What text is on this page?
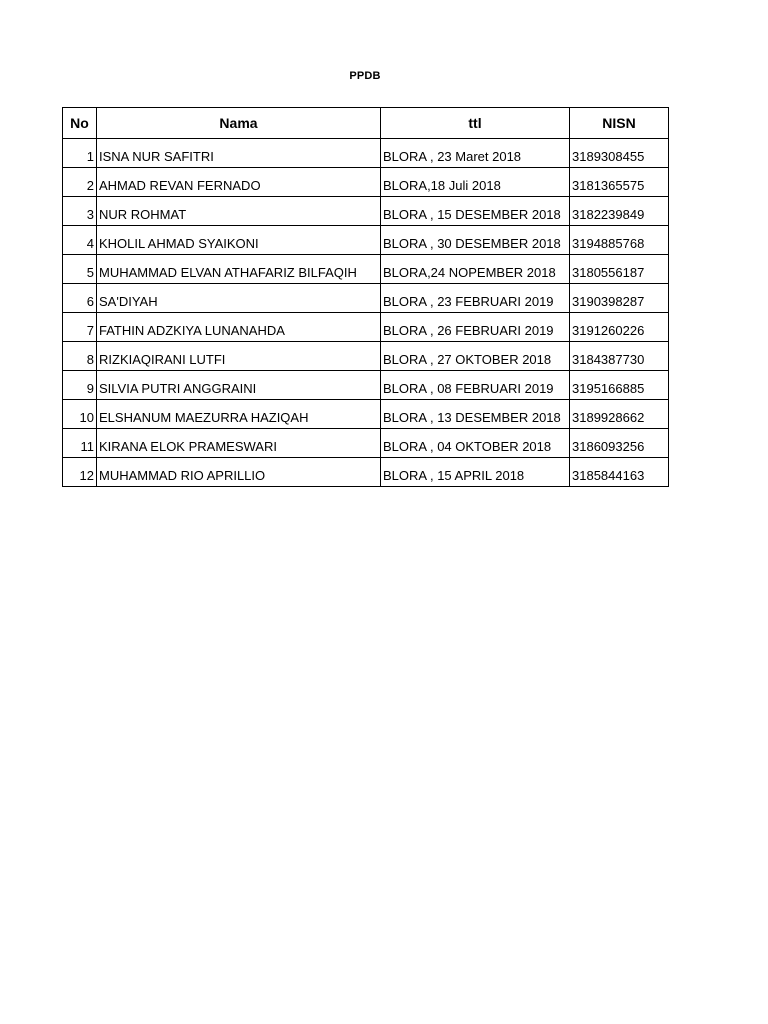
PPDB
No	Nama	ttl	NISN
1	ISNA NUR SAFITRI	BLORA , 23 Maret 2018	3189308455
2	AHMAD REVAN FERNADO	BLORA,18 Juli 2018	3181365575
3	NUR ROHMAT	BLORA , 15 DESEMBER 2018	3182239849
4	KHOLIL AHMAD SYAIKONI	BLORA , 30 DESEMBER 2018	3194885768
5	MUHAMMAD ELVAN ATHAFARIZ BILFAQIH	BLORA,24 NOPEMBER 2018	3180556187
6	SA'DIYAH	BLORA , 23 FEBRUARI 2019	3190398287
7	FATHIN ADZKIYA LUNANAHDA	BLORA , 26 FEBRUARI 2019	3191260226
8	RIZKIAQIRANI LUTFI	BLORA , 27 OKTOBER 2018	3184387730
9	SILVIA PUTRI ANGGRAINI	BLORA , 08 FEBRUARI 2019	3195166885
10	ELSHANUM MAEZURRA HAZIQAH	BLORA , 13 DESEMBER 2018	3189928662
11	KIRANA ELOK PRAMESWARI	BLORA , 04 OKTOBER 2018	3186093256
12	MUHAMMAD RIO APRILLIO	BLORA , 15 APRIL 2018	3185844163
